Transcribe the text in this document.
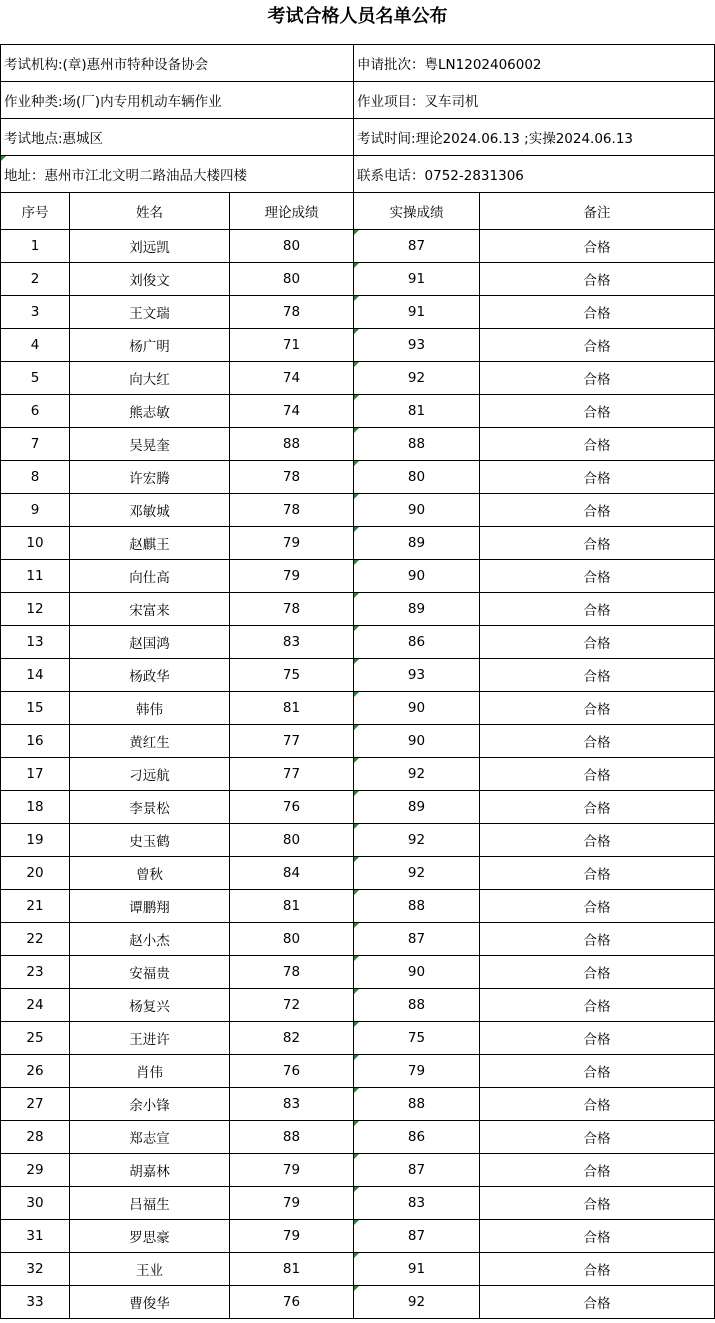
考试合格人员名单公布
考试机构:(章)惠州市特种设备协会			申请批次：粤LN1202406002	
作业种类:场(厂)内专用机动车辆作业			作业项目：叉车司机	
考试地点:惠城区			考试时间:理论2024.06.13 ;实操2024.06.13	
地址：惠州市江北文明二路油品大楼四楼			联系电话：0752-2831306	
序号	姓名	理论成绩	实操成绩	备注
1	刘远凯	80	87	合格
2	刘俊文	80	91	合格
3	王文瑞	78	91	合格
4	杨广明	71	93	合格
5	向大红	74	92	合格
6	熊志敏	74	81	合格
7	吴晃奎	88	88	合格
8	许宏腾	78	80	合格
9	邓敏城	78	90	合格
10	赵麒王	79	89	合格
11	向仕高	79	90	合格
12	宋富来	78	89	合格
13	赵国鸿	83	86	合格
14	杨政华	75	93	合格
15	韩伟	81	90	合格
16	黄红生	77	90	合格
17	刁远航	77	92	合格
18	李景松	76	89	合格
19	史玉鹤	80	92	合格
20	曾秋	84	92	合格
21	谭鹏翔	81	88	合格
22	赵小杰	80	87	合格
23	安福贵	78	90	合格
24	杨复兴	72	88	合格
25	王进许	82	75	合格
26	肖伟	76	79	合格
27	余小锋	83	88	合格
28	郑志宣	88	86	合格
29	胡嘉林	79	87	合格
30	吕福生	79	83	合格
31	罗思豪	79	87	合格
32	王业	81	91	合格
33	曹俊华	76	92	合格
